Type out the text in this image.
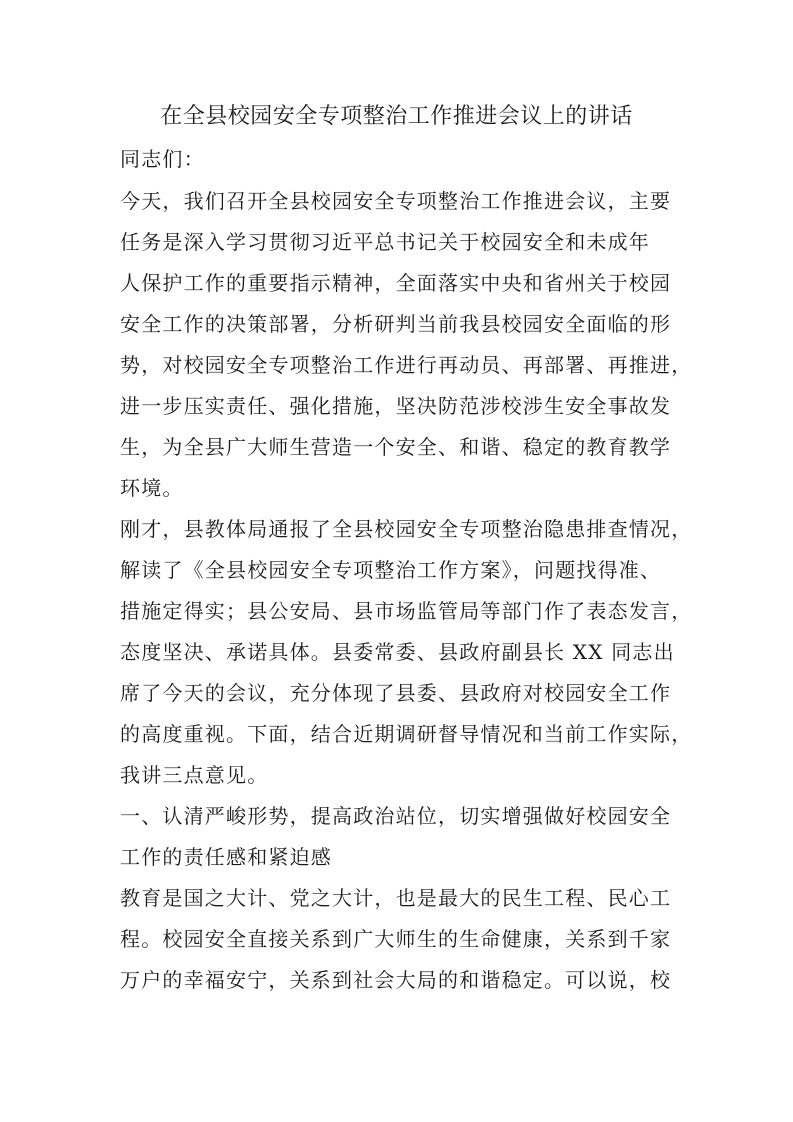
在全县校园安全专项整治工作推进会议上的讲话
同志们：
今天，我们召开全县校园安全专项整治工作推进会议，主要
任务是深入学习贯彻习近平总书记关于校园安全和未成年
人保护工作的重要指示精神，全面落实中央和省州关于校园
安全工作的决策部署，分析研判当前我县校园安全面临的形
势，对校园安全专项整治工作进行再动员、再部署、再推进，
进一步压实责任、强化措施，坚决防范涉校涉生安全事故发
生，为全县广大师生营造一个安全、和谐、稳定的教育教学
环境。
刚才，县教体局通报了全县校园安全专项整治隐患排查情况，
解读了《全县校园安全专项整治工作方案》，问题找得准、
措施定得实；县公安局、县市场监管局等部门作了表态发言，
态度坚决、承诺具体。县委常委、县政府副县长 XX 同志出
席了今天的会议，充分体现了县委、县政府对校园安全工作
的高度重视。下面，结合近期调研督导情况和当前工作实际，
我讲三点意见。
一、认清严峻形势，提高政治站位，切实增强做好校园安全
工作的责任感和紧迫感
教育是国之大计、党之大计，也是最大的民生工程、民心工
程。校园安全直接关系到广大师生的生命健康，关系到千家
万户的幸福安宁，关系到社会大局的和谐稳定。可以说，校
